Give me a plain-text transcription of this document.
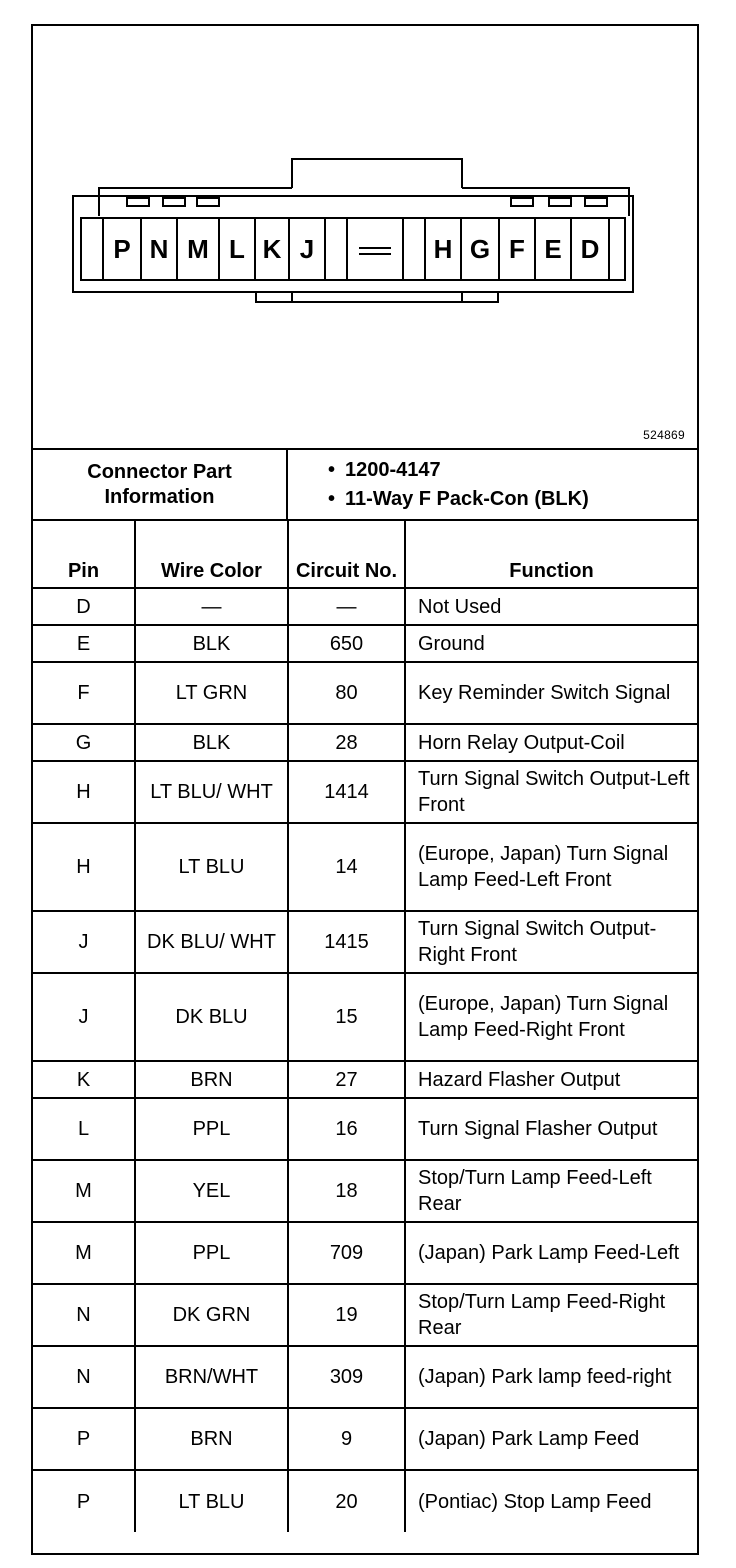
P N M L K J	H G F E D
524869
Connector Part Information
• 1200-4147
• 11-Way F Pack-Con (BLK)
Pin	Wire Color	Circuit No.	Function
D	—	—	Not Used
E	BLK	650	Ground
F	LT GRN	80	Key Reminder Switch Signal
G	BLK	28	Horn Relay Output-Coil
H	LT BLU/ WHT	1414	Turn Signal Switch Output-Left Front
H	LT BLU	14	(Europe, Japan) Turn Signal Lamp Feed-Left Front
J	DK BLU/ WHT	1415	Turn Signal Switch Output-Right Front
J	DK BLU	15	(Europe, Japan) Turn Signal Lamp Feed-Right Front
K	BRN	27	Hazard Flasher Output
L	PPL	16	Turn Signal Flasher Output
M	YEL	18	Stop/Turn Lamp Feed-Left Rear
M	PPL	709	(Japan) Park Lamp Feed-Left
N	DK GRN	19	Stop/Turn Lamp Feed-Right Rear
N	BRN/WHT	309	(Japan) Park lamp feed-right
P	BRN	9	(Japan) Park Lamp Feed
P	LT BLU	20	(Pontiac) Stop Lamp Feed
